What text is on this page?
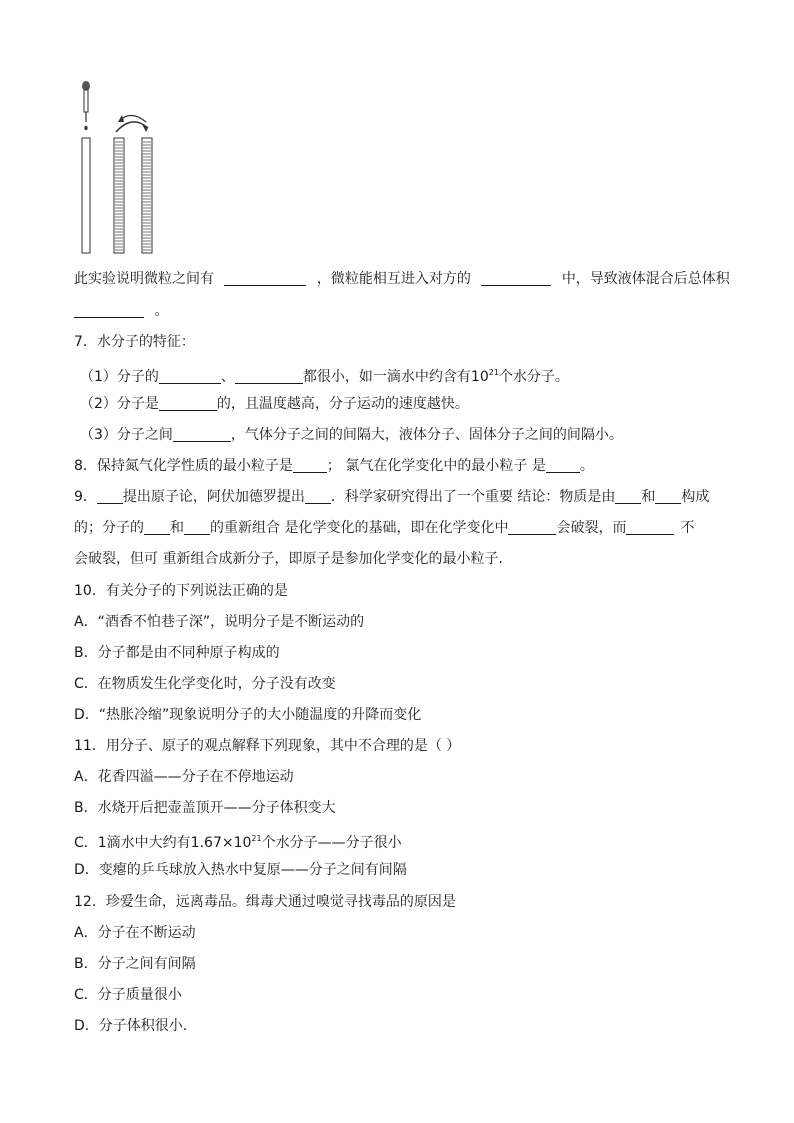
此实验说明微粒之间有	，微粒能相互进入对方的	中，导致液体混合后总体积
。
7．水分子的特征：
（1）分子的	、	都很小，如一滴水中约含有$10^{21}$个水分子。
（2）分子是	的，且温度越高，分子运动的速度越快。
（3）分子之间	，气体分子之间的间隔大，液体分子、固体分子之间的间隔小。
8．保持氮气化学性质的最小粒子是 ； 氯气在化学变化中的最小粒子 是 。
9． 提出原子论，阿伏加德罗提出 ．科学家研究得出了一个重要 结论：物质是由 和 构成
的；分子的 和 的重新组合 是化学变化的基础，即在化学变化中	会破裂，而	不
会破裂，但可 重新组合成新分子，即原子是参加化学变化的最小粒子．
10．有关分子的下列说法正确的是
A．“酒香不怕巷子深”，说明分子是不断运动的
B．分子都是由不同种原子构成的
C．在物质发生化学变化时，分子没有改变
D．“热胀冷缩”现象说明分子的大小随温度的升降而变化
11．用分子、原子的观点解释下列现象，其中不合理的是（ ）
A．花香四溢——分子在不停地运动
B．水烧开后把壶盖顶开——分子体积变大
C．1滴水中大约有$1.67\times 10^{21}$个水分子——分子很小
D．变瘪的乒乓球放入热水中复原——分子之间有间隔
12．珍爱生命，远离毒品。缉毒犬通过嗅觉寻找毒品的原因是
A．分子在不断运动
B．分子之间有间隔
C．分子质量很小
D．分子体积很小.
